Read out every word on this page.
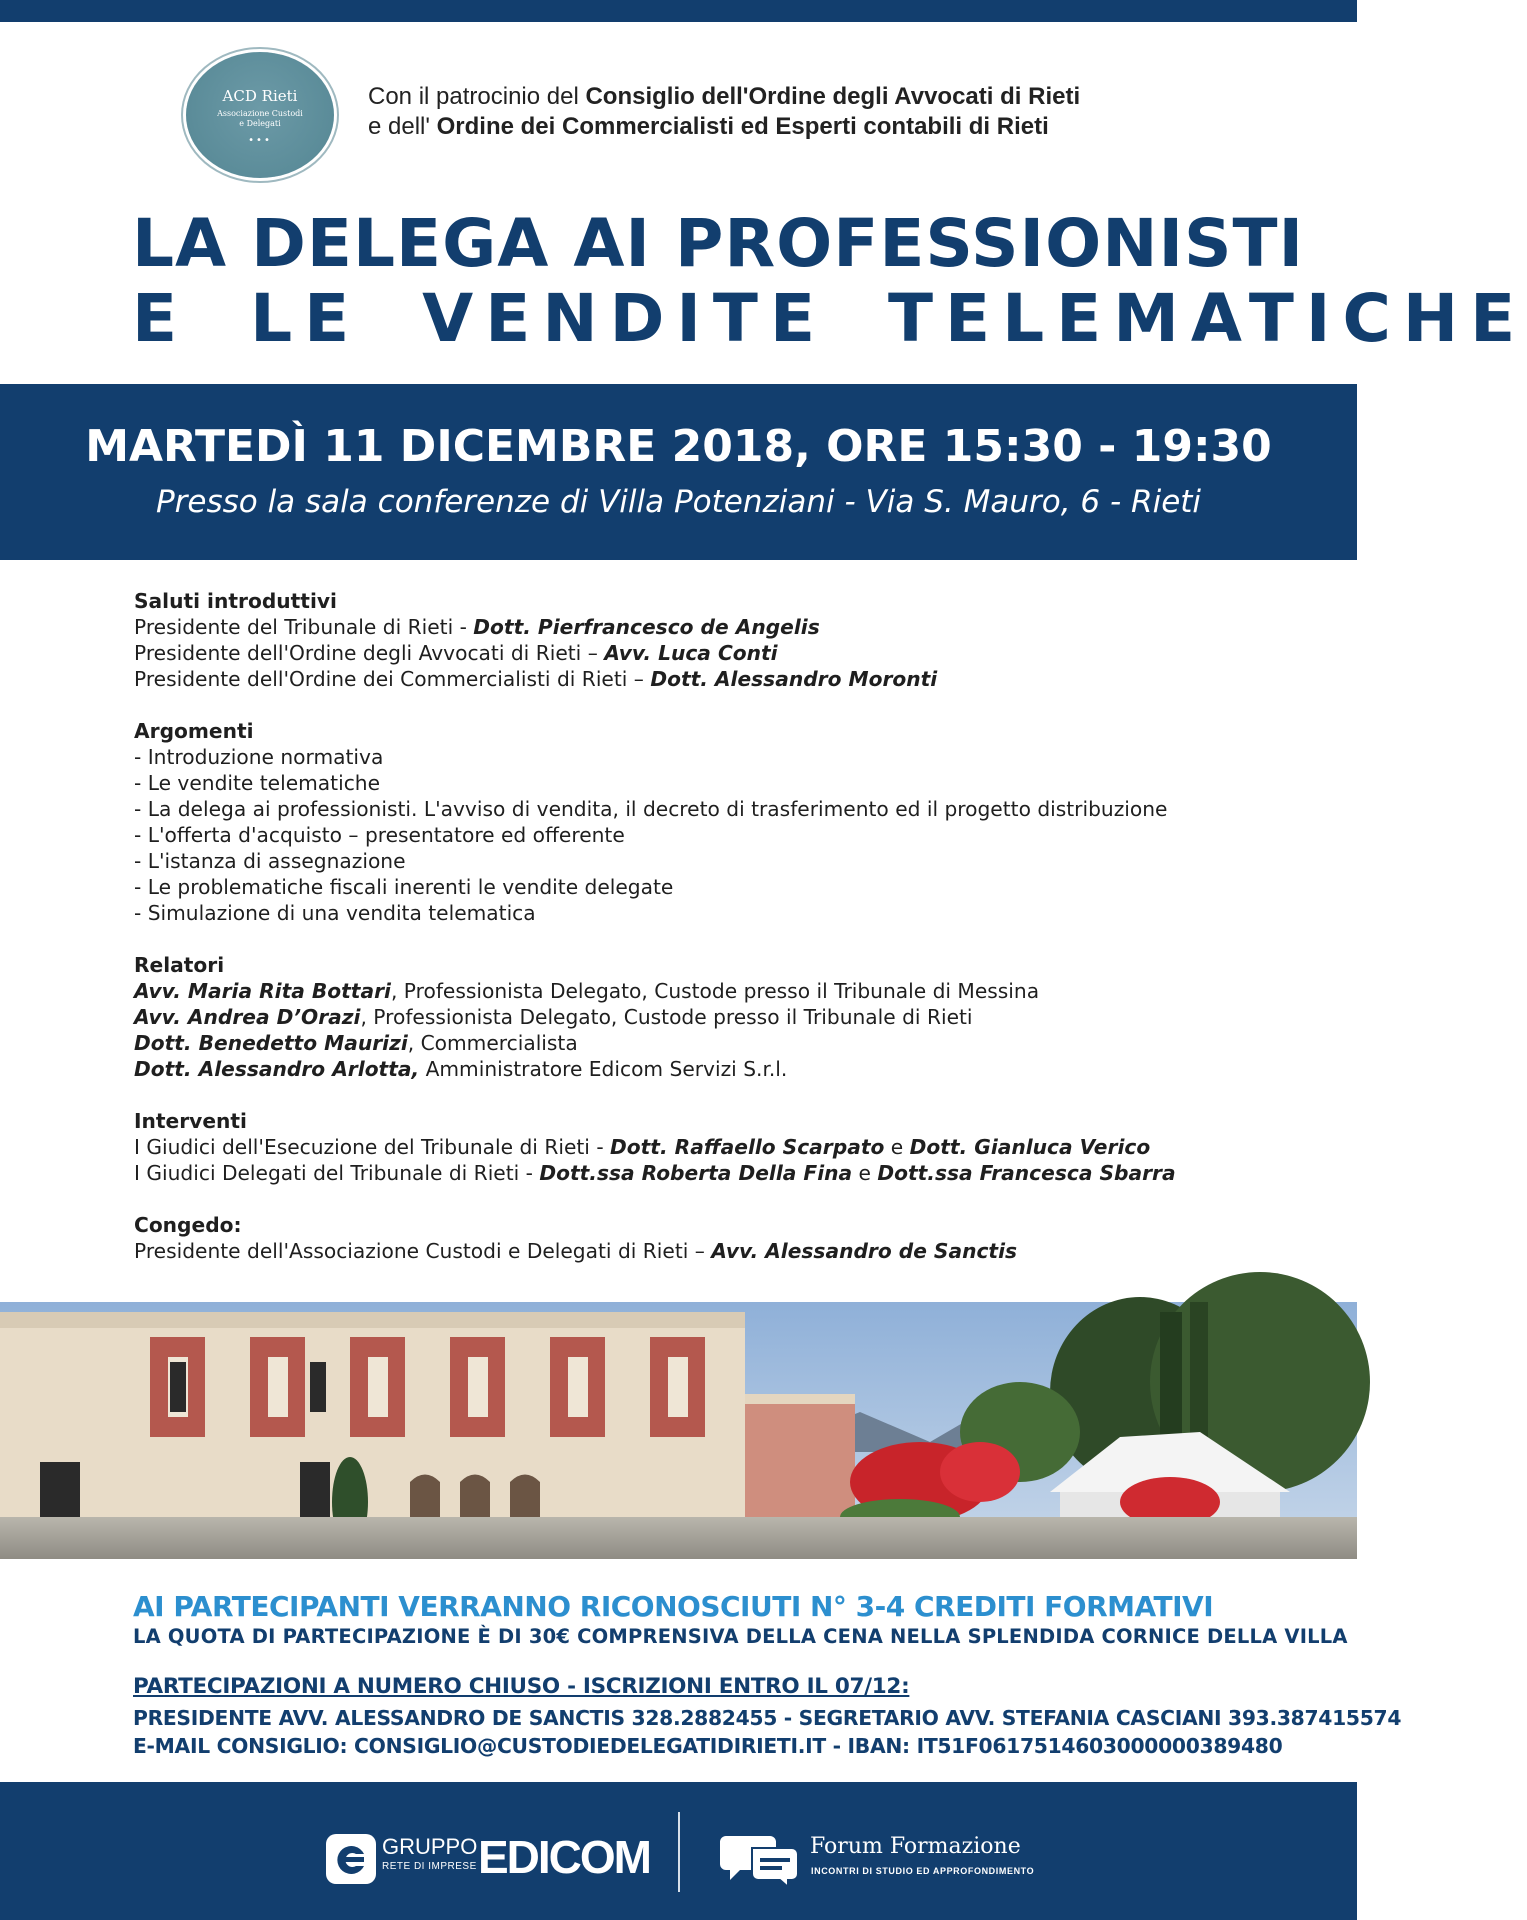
ACD Rieti
Associazione Custodi
e Delegati
•••
Con il patrocinio del Consiglio dell'Ordine degli Avvocati di Rieti
e dell' Ordine dei Commercialisti ed Esperti contabili di Rieti
LA DELEGA AI PROFESSIONISTI
E LE VENDITE TELEMATICHE
MARTEDÌ 11 DICEMBRE 2018, ORE 15:30 - 19:30
Presso la sala conferenze di Villa Potenziani - Via S. Mauro, 6 - Rieti
Saluti introduttivi
Presidente del Tribunale di Rieti - Dott. Pierfrancesco de Angelis
Presidente dell'Ordine degli Avvocati di Rieti – Avv. Luca Conti
Presidente dell'Ordine dei Commercialisti di Rieti – Dott. Alessandro Moronti
Argomenti
- Introduzione normativa
- Le vendite telematiche
- La delega ai professionisti. L'avviso di vendita, il decreto di trasferimento ed il progetto distribuzione
- L'offerta d'acquisto – presentatore ed offerente
- L'istanza di assegnazione
- Le problematiche fiscali inerenti le vendite delegate
- Simulazione di una vendita telematica
Relatori
Avv. Maria Rita Bottari, Professionista Delegato, Custode presso il Tribunale di Messina
Avv. Andrea D’Orazi, Professionista Delegato, Custode presso il Tribunale di Rieti
Dott. Benedetto Maurizi, Commercialista
Dott. Alessandro Arlotta, Amministratore Edicom Servizi S.r.l.
Interventi
I Giudici dell'Esecuzione del Tribunale di Rieti - Dott. Raffaello Scarpato e Dott. Gianluca Verico
I Giudici Delegati del Tribunale di Rieti - Dott.ssa Roberta Della Fina e Dott.ssa Francesca Sbarra
Congedo:
Presidente dell'Associazione Custodi e Delegati di Rieti – Avv. Alessandro de Sanctis
AI PARTECIPANTI VERRANNO RICONOSCIUTI N° 3-4 CREDITI FORMATIVI
LA QUOTA DI PARTECIPAZIONE È DI 30€ COMPRENSIVA DELLA CENA NELLA SPLENDIDA CORNICE DELLA VILLA
PARTECIPAZIONI A NUMERO CHIUSO - ISCRIZIONI ENTRO IL 07/12:
PRESIDENTE AVV. ALESSANDRO DE SANCTIS 328.2882455 - SEGRETARIO AVV. STEFANIA CASCIANI 393.387415574
E-MAIL CONSIGLIO: CONSIGLIO@CUSTODIEDELEGATIDIRIETI.IT - IBAN: IT51F0617514603000000389480
GRUPPO
RETE DI IMPRESE EDICOM	Forum Formazione
INCONTRI DI STUDIO ED APPROFONDIMENTO
